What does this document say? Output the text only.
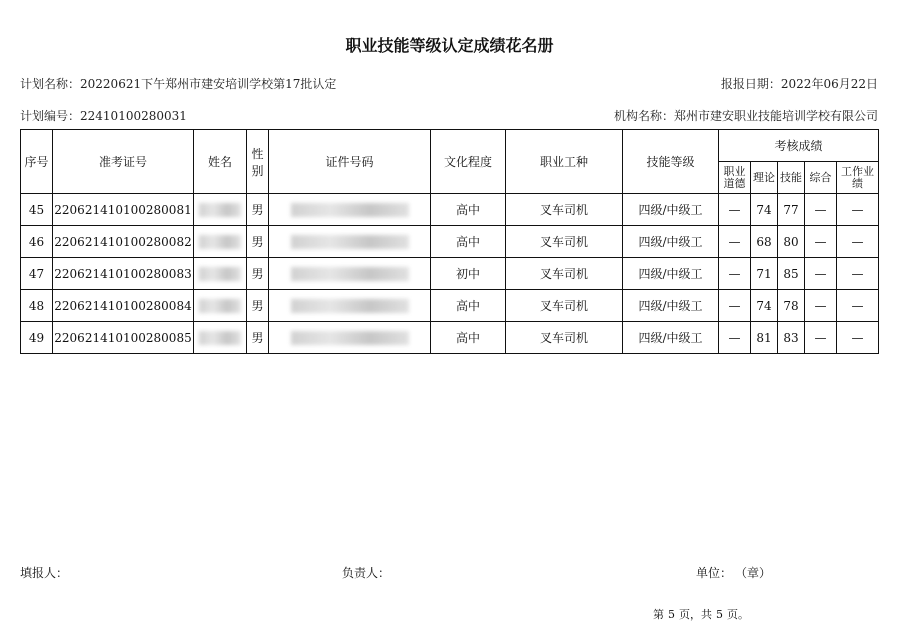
职业技能等级认定成绩花名册
计划名称：20220621下午郑州市建安培训学校第17批认定	报报日期：2022年06月22日
计划编号：22410100280031	机构名称：郑州市建安职业技能培训学校有限公司
序号	准考证号	姓名	性别	证件号码	文化程度	职业工种	技能等级	考核成绩				
								职业道德	理论	技能	综合	工作业绩
45	220621410100280081		男		高中	叉车司机	四级/中级工	—	74	77	—	—
46	220621410100280082		男		高中	叉车司机	四级/中级工	—	68	80	—	—
47	220621410100280083		男		初中	叉车司机	四级/中级工	—	71	85	—	—
48	220621410100280084		男		高中	叉车司机	四级/中级工	—	74	78	—	—
49	220621410100280085		男		高中	叉车司机	四级/中级工	—	81	83	—	—
填报人：	负责人：	单位： （章）
第 5 页，共 5 页。
